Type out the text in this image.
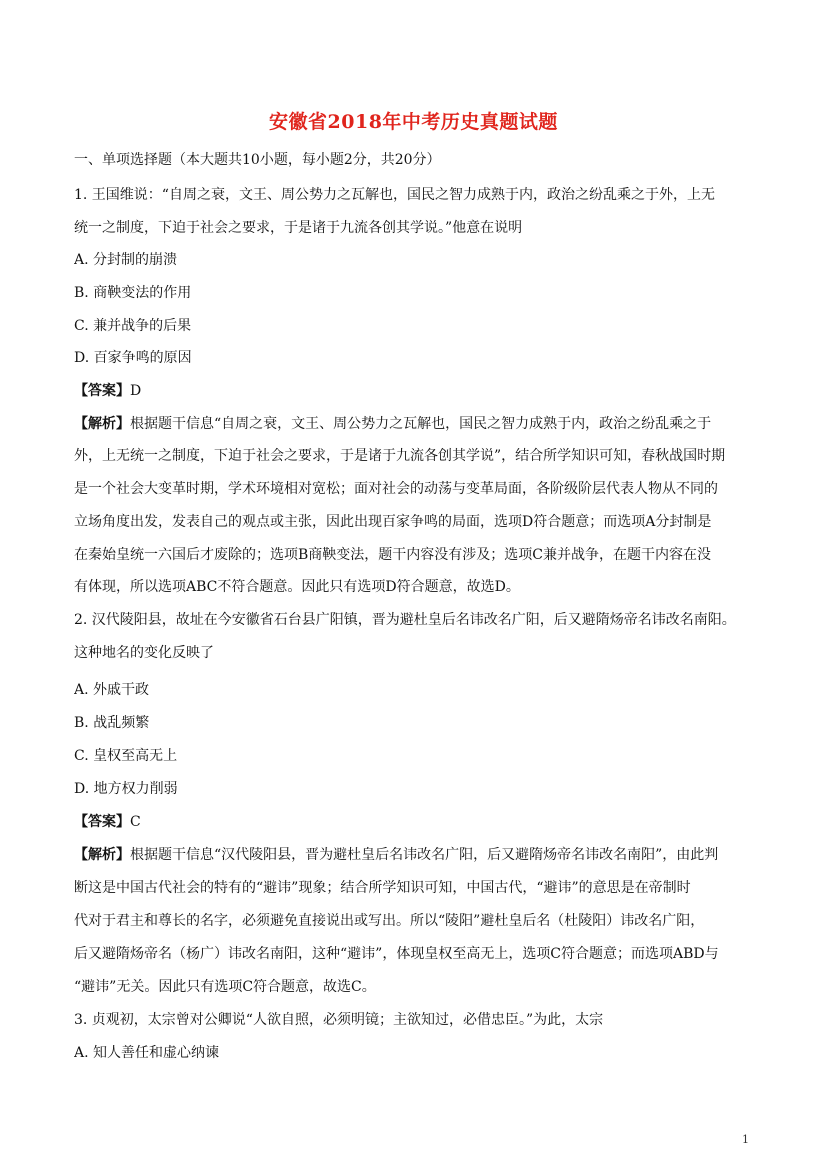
安徽省2018年中考历史真题试题
一、单项选择题（本大题共10小题，每小题2分，共20分）
1. 王国维说：“自周之衰，文王、周公势力之瓦解也，国民之智力成熟于内，政治之纷乱乘之于外，上无
统一之制度，下迫于社会之要求，于是诸于九流各创其学说。”他意在说明
A. 分封制的崩溃
B. 商鞅变法的作用
C. 兼并战争的后果
D. 百家争鸣的原因
【答案】D
【解析】根据题干信息“自周之衰，文王、周公势力之瓦解也，国民之智力成熟于内，政治之纷乱乘之于
外，上无统一之制度，下迫于社会之要求，于是诸于九流各创其学说”，结合所学知识可知，春秋战国时期
是一个社会大变革时期，学术环境相对宽松；面对社会的动荡与变革局面，各阶级阶层代表人物从不同的
立场角度出发，发表自己的观点或主张，因此出现百家争鸣的局面，选项D符合题意；而选项A分封制是
在秦始皇统一六国后才废除的；选项B商鞅变法，题干内容没有涉及；选项C兼并战争，在题干内容在没
有体现，所以选项ABC不符合题意。因此只有选项D符合题意，故选D。
2. 汉代陵阳县，故址在今安徽省石台县广阳镇，晋为避杜皇后名讳改名广阳，后又避隋炀帝名讳改名南阳。
这种地名的变化反映了
A. 外戚干政
B. 战乱频繁
C. 皇权至高无上
D. 地方权力削弱
【答案】C
【解析】根据题干信息“汉代陵阳县，晋为避杜皇后名讳改名广阳，后又避隋炀帝名讳改名南阳”，由此判
断这是中国古代社会的特有的“避讳”现象；结合所学知识可知，中国古代，“避讳”的意思是在帝制时
代对于君主和尊长的名字，必须避免直接说出或写出。所以“陵阳”避杜皇后名（杜陵阳）讳改名广阳，
后又避隋炀帝名（杨广）讳改名南阳，这种“避讳”，体现皇权至高无上，选项C符合题意；而选项ABD与
“避讳”无关。因此只有选项C符合题意，故选C。
3. 贞观初，太宗曾对公卿说“人欲自照，必须明镜；主欲知过，必借忠臣。”为此，太宗
A. 知人善任和虚心纳谏
1
